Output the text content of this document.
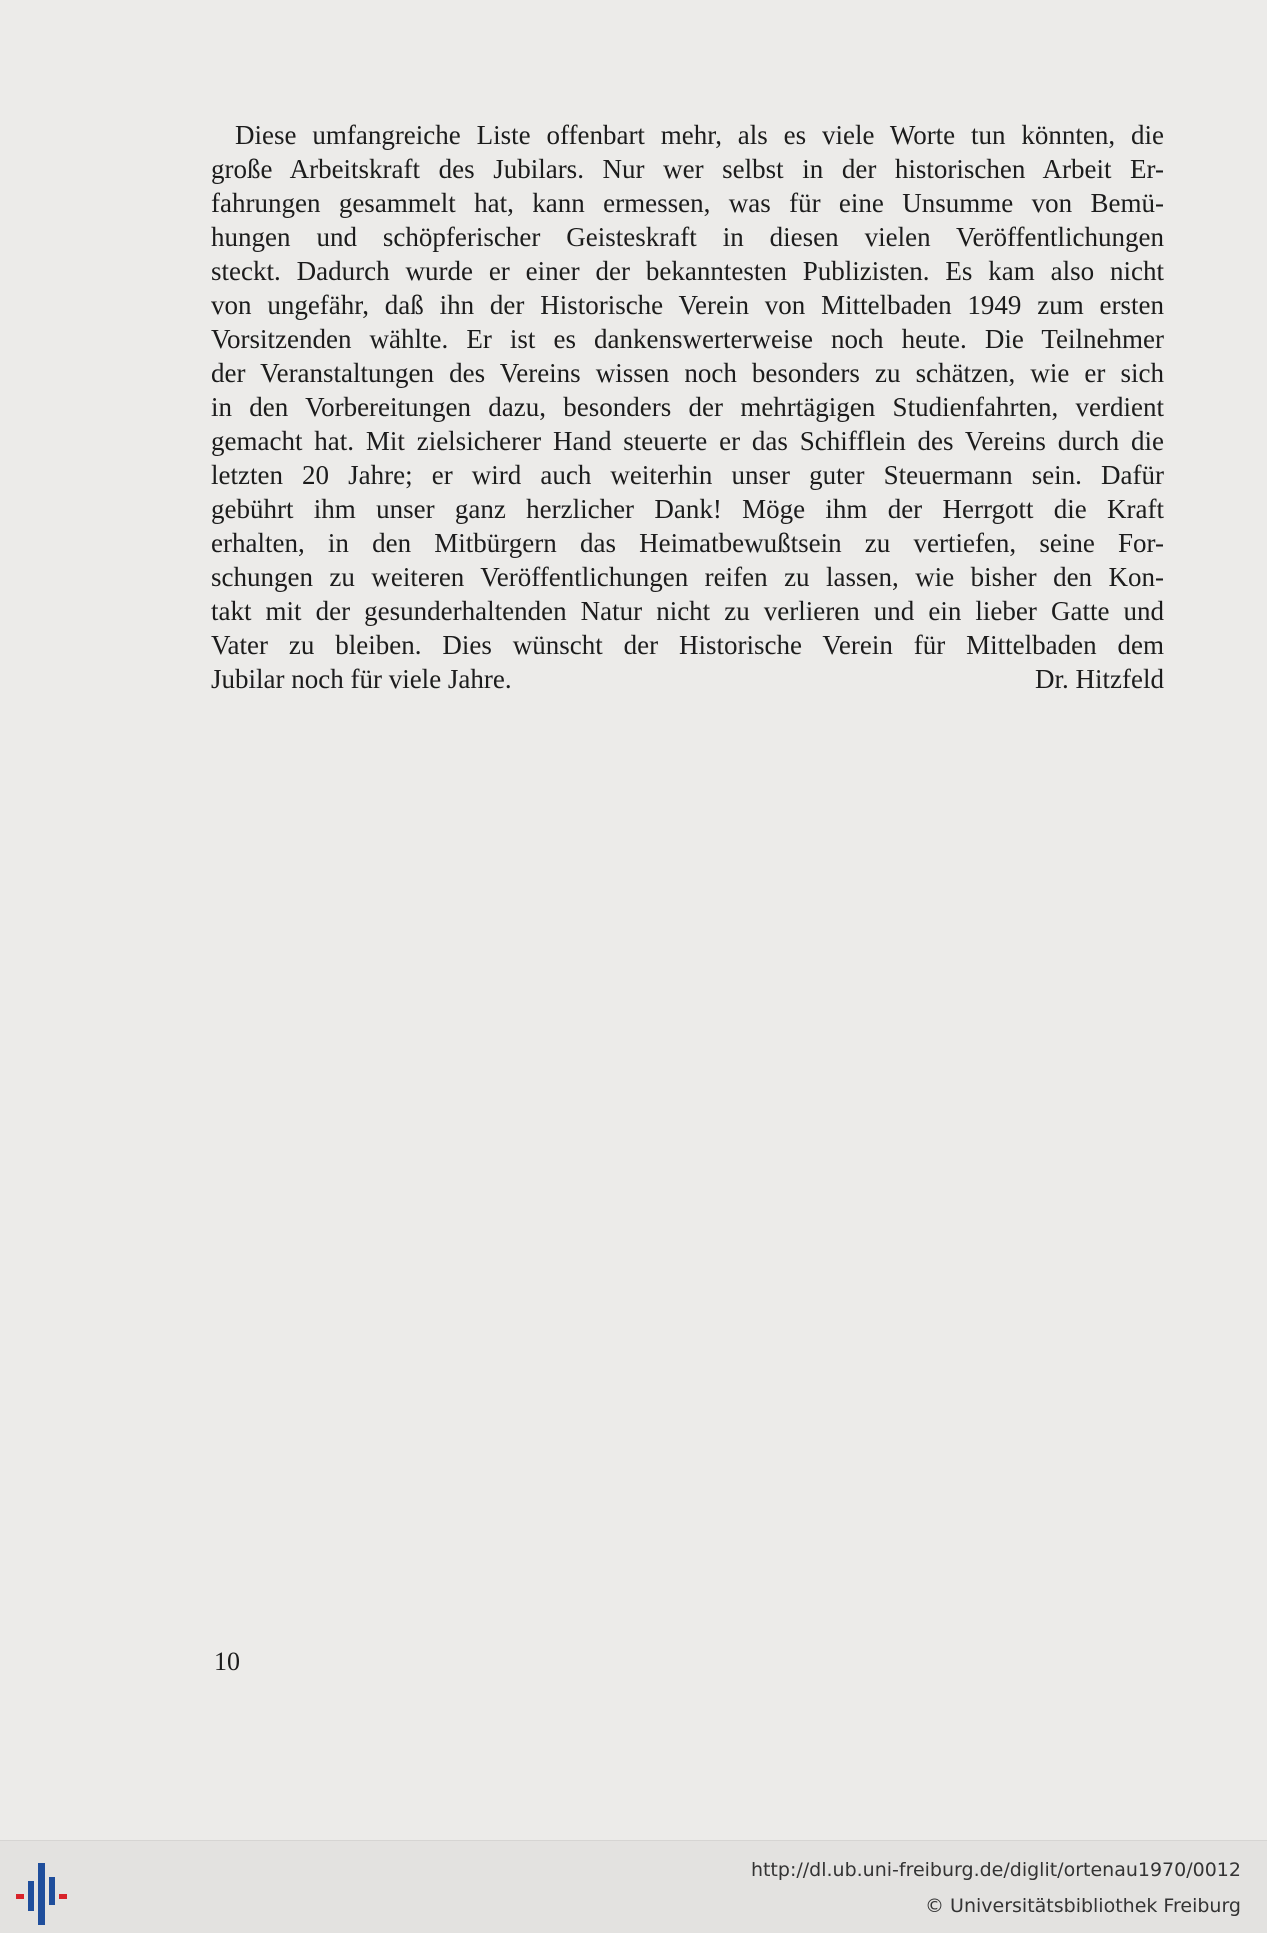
Diese umfangreiche Liste offenbart mehr, als es viele Worte tun könnten, die
große Arbeitskraft des Jubilars. Nur wer selbst in der historischen Arbeit Er-
fahrungen gesammelt hat, kann ermessen, was für eine Unsumme von Bemü-
hungen und schöpferischer Geisteskraft in diesen vielen Veröffentlichungen
steckt. Dadurch wurde er einer der bekanntesten Publizisten. Es kam also nicht
von ungefähr, daß ihn der Historische Verein von Mittelbaden 1949 zum ersten
Vorsitzenden wählte. Er ist es dankenswerterweise noch heute. Die Teilnehmer
der Veranstaltungen des Vereins wissen noch besonders zu schätzen, wie er sich
in den Vorbereitungen dazu, besonders der mehrtägigen Studienfahrten, verdient
gemacht hat. Mit zielsicherer Hand steuerte er das Schifflein des Vereins durch die
letzten 20 Jahre; er wird auch weiterhin unser guter Steuermann sein. Dafür
gebührt ihm unser ganz herzlicher Dank! Möge ihm der Herrgott die Kraft
erhalten, in den Mitbürgern das Heimatbewußtsein zu vertiefen, seine For-
schungen zu weiteren Veröffentlichungen reifen zu lassen, wie bisher den Kon-
takt mit der gesunderhaltenden Natur nicht zu verlieren und ein lieber Gatte und
Vater zu bleiben. Dies wünscht der Historische Verein für Mittelbaden dem
Jubilar noch für viele Jahre.	Dr. Hitzfeld
10
http://dl.ub.uni-freiburg.de/diglit/ortenau1970/0012
© Universitätsbibliothek Freiburg
